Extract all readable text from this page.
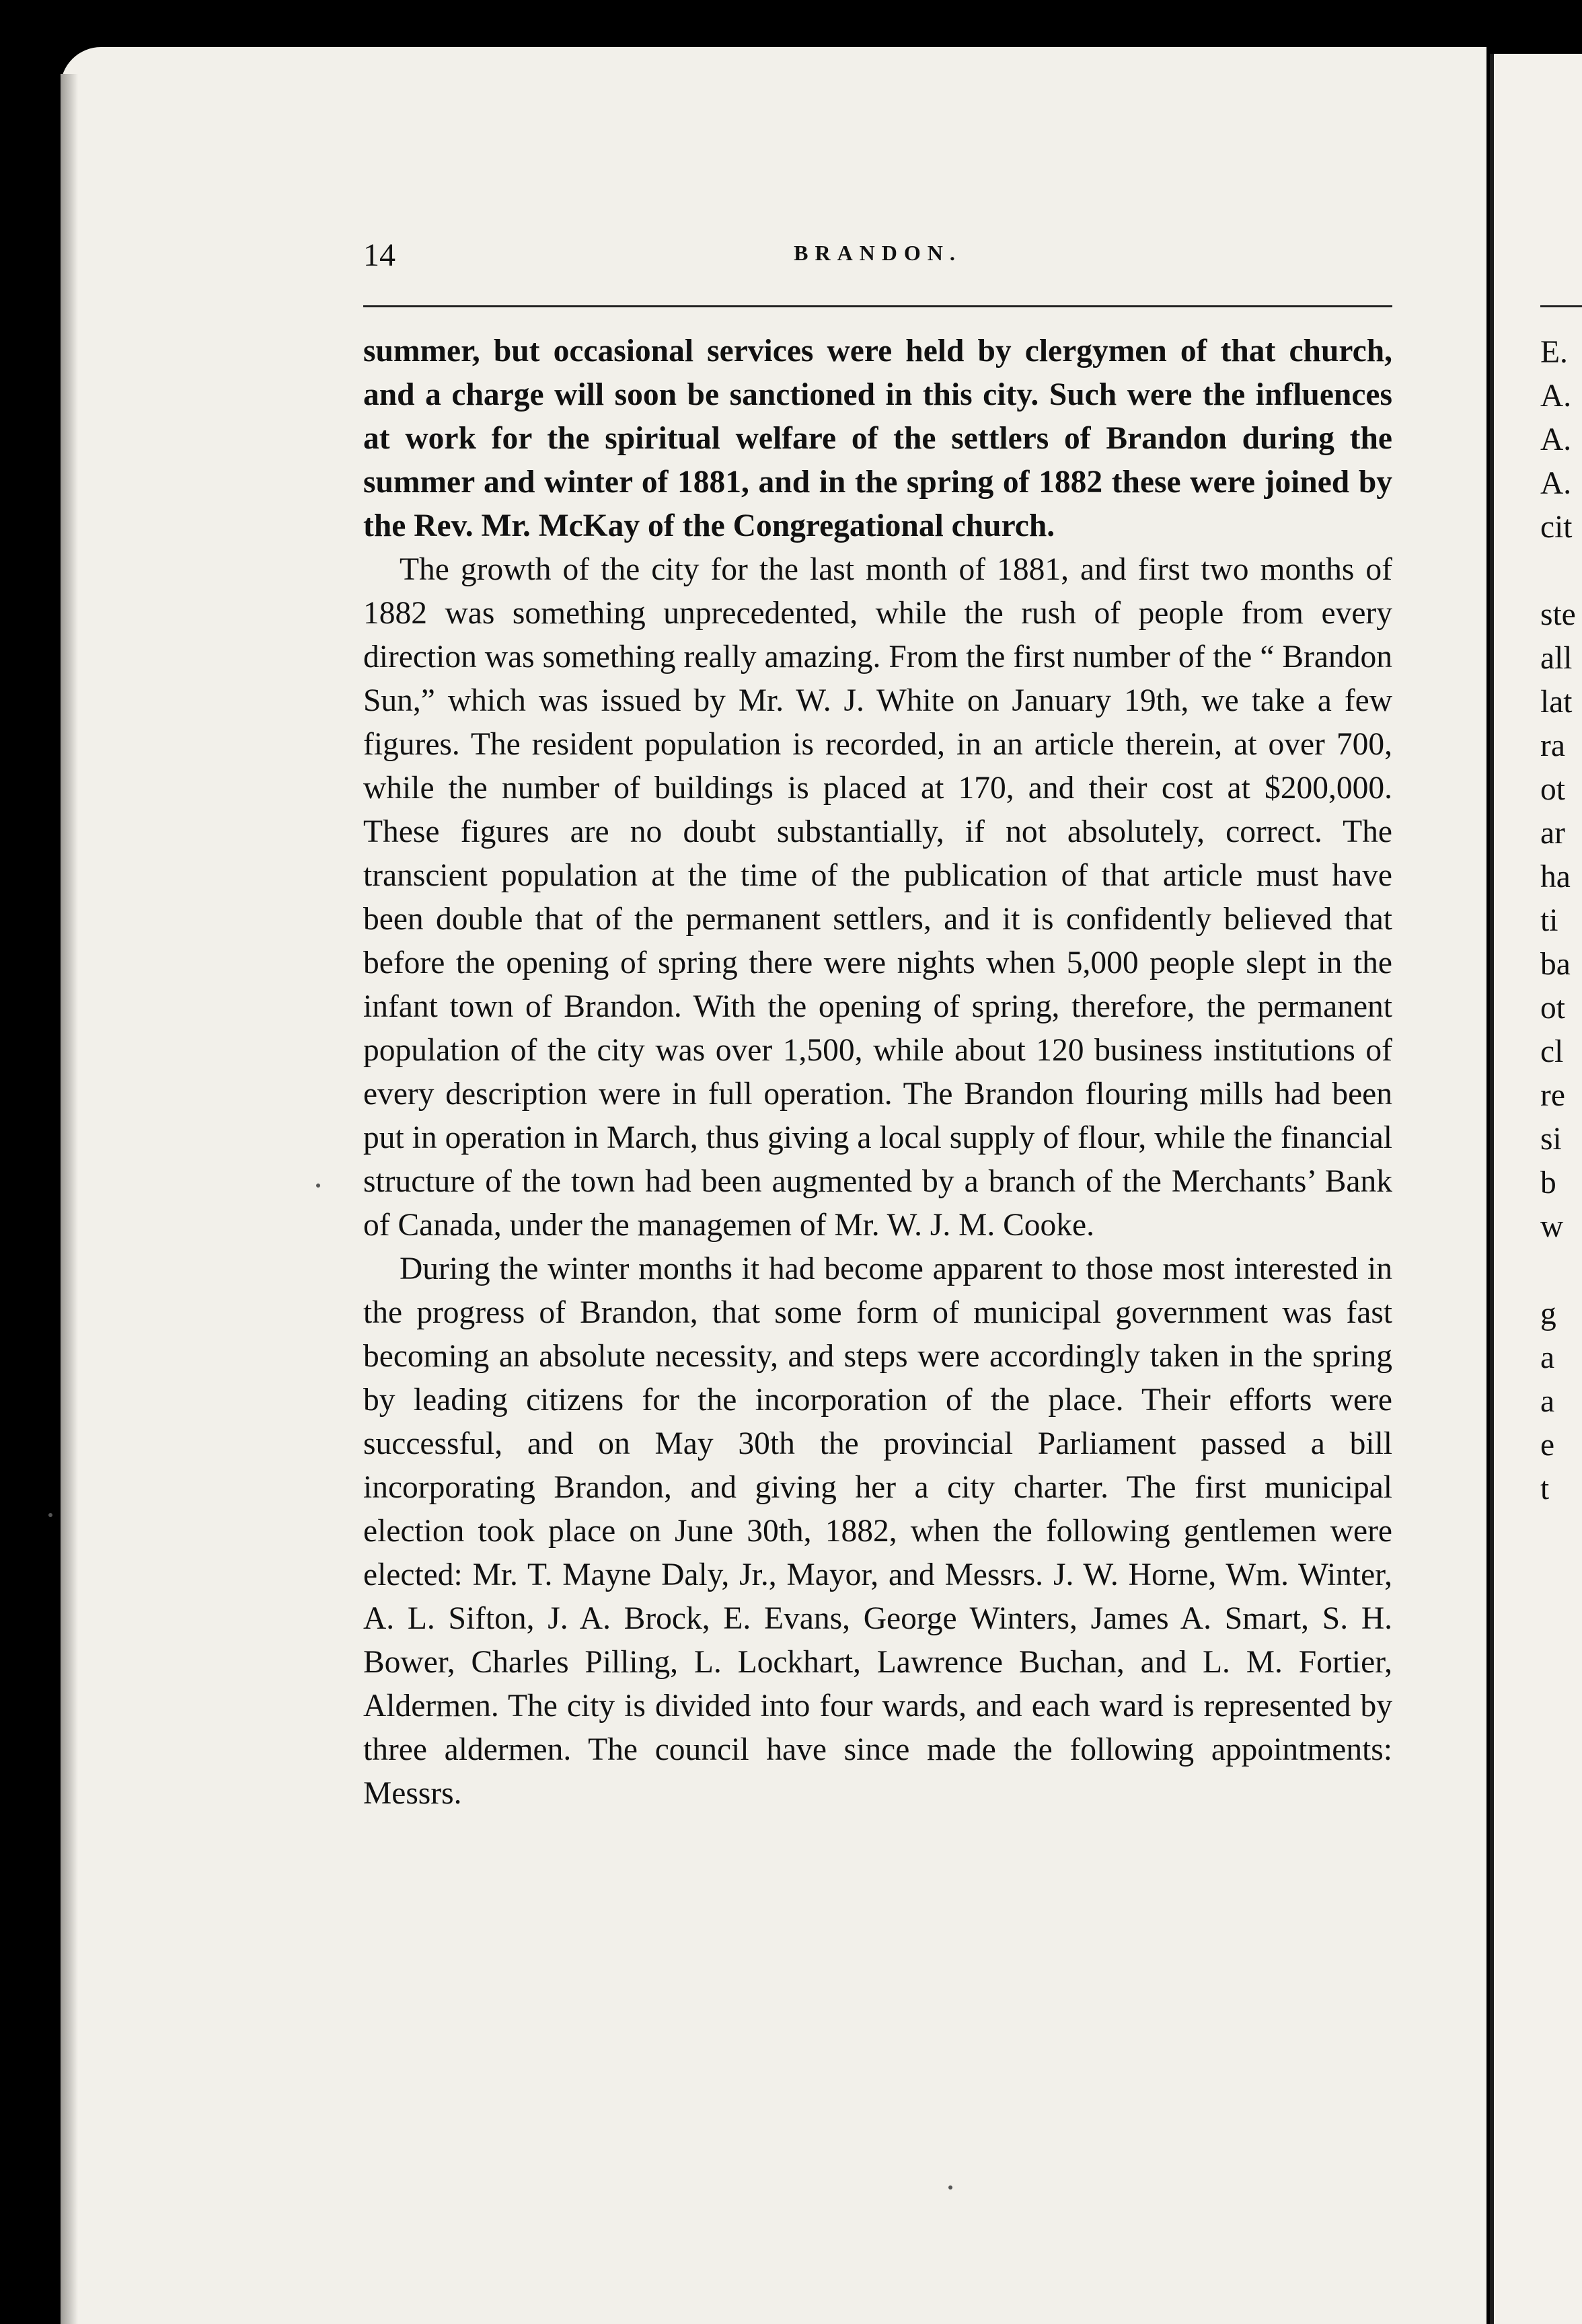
14	BRANDON.

summer, but occasional services were held by clergymen of that church, and a charge will soon be sanctioned in this city. Such were the influences at work for the spiritual welfare of the settlers of Brandon during the summer and winter of 1881, and in the spring of 1882 these were joined by the Rev. Mr. McKay of the Congregational church.

The growth of the city for the last month of 1881, and first two months of 1882 was something unprecedented, while the rush of people from every direction was something really amazing. From the first number of the “ Brandon Sun,” which was issued by Mr. W. J. White on January 19th, we take a few figures. The resident population is recorded, in an article therein, at over 700, while the number of buildings is placed at 170, and their cost at $200,000. These figures are no doubt substantially, if not absolutely, correct. The transcient population at the time of the publication of that article must have been double that of the permanent settlers, and it is confidently believed that before the opening of spring there were nights when 5,000 people slept in the infant town of Brandon. With the opening of spring, therefore, the permanent population of the city was over 1,500, while about 120 business institutions of every description were in full operation. The Brandon flouring mills had been put in operation in March, thus giving a local supply of flour, while the financial structure of the town had been augmented by a branch of the Merchants’ Bank of Canada, under the managemen of Mr. W. J. M. Cooke.

During the winter months it had become apparent to those most interested in the progress of Brandon, that some form of municipal government was fast becoming an absolute necessity, and steps were accordingly taken in the spring by leading citizens for the incorporation of the place. Their efforts were successful, and on May 30th the provincial Parliament passed a bill incorporating Brandon, and giving her a city charter. The first municipal election took place on June 30th, 1882, when the following gentlemen were elected: Mr. T. Mayne Daly, Jr., Mayor, and Messrs. J. W. Horne, Wm. Winter, A. L. Sifton, J. A. Brock, E. Evans, George Winters, James A. Smart, S. H. Bower, Charles Pilling, L. Lockhart, Lawrence Buchan, and L. M. Fortier, Aldermen. The city is divided into four wards, and each ward is represented by three aldermen. The council have since made the following appointments: Messrs.

E.
A.
A.
A.
cit
ste
all
lat
ra
ot
ar
ha
ti
ba
ot
cl
re
si
b
w
g
a
a
e
t
